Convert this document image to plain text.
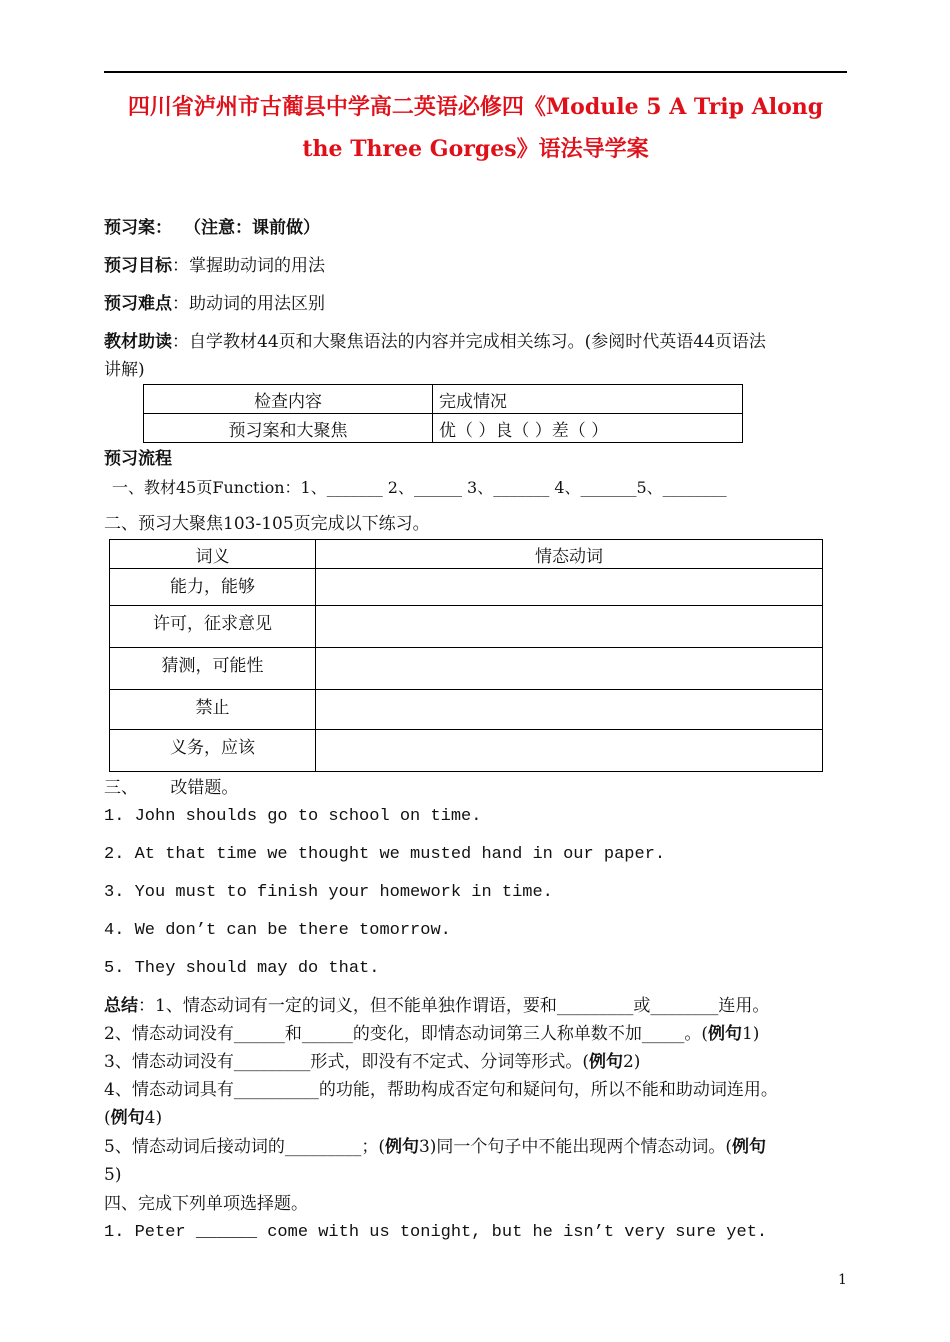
四川省泸州市古蔺县中学高二英语必修四《Module 5 A Trip Along
the Three Gorges》语法导学案
预习案： （注意：课前做）
预习目标：掌握助动词的用法
预习难点：助动词的用法区别
教材助读：自学教材44页和大聚焦语法的内容并完成相关练习。(参阅时代英语44页语法
讲解)
检查内容	完成情况
预习案和大聚焦	优（ ）良（ ）差（ ）
预习流程
一、教材45页Function：1、_______ 2、______ 3、_______ 4、_______5、________
二、预习大聚焦103-105页完成以下练习。
词义	情态动词
能力，能够	
许可，征求意见	
猜测，可能性	
禁止	
义务，应该	
三、      改错题。
1. John shoulds go to school on time.
2. At that time we thought we musted hand in our paper.
3. You must to finish your homework in time.
4. We don’t can be there tomorrow.
5. They should may do that.
总结：1、情态动词有一定的词义，但不能单独作谓语，要和_________或________连用。
2、情态动词没有______和______的变化，即情态动词第三人称单数不加_____。(例句1)
3、情态动词没有_________形式，即没有不定式、分词等形式。(例句2)
4、情态动词具有__________的功能，帮助构成否定句和疑问句，所以不能和助动词连用。
(例句4)
5、情态动词后接动词的_________；(例句3)同一个句子中不能出现两个情态动词。(例句
5)
四、完成下列单项选择题。
1. Peter ______ come with us tonight, but he isn’t very sure yet.
1
